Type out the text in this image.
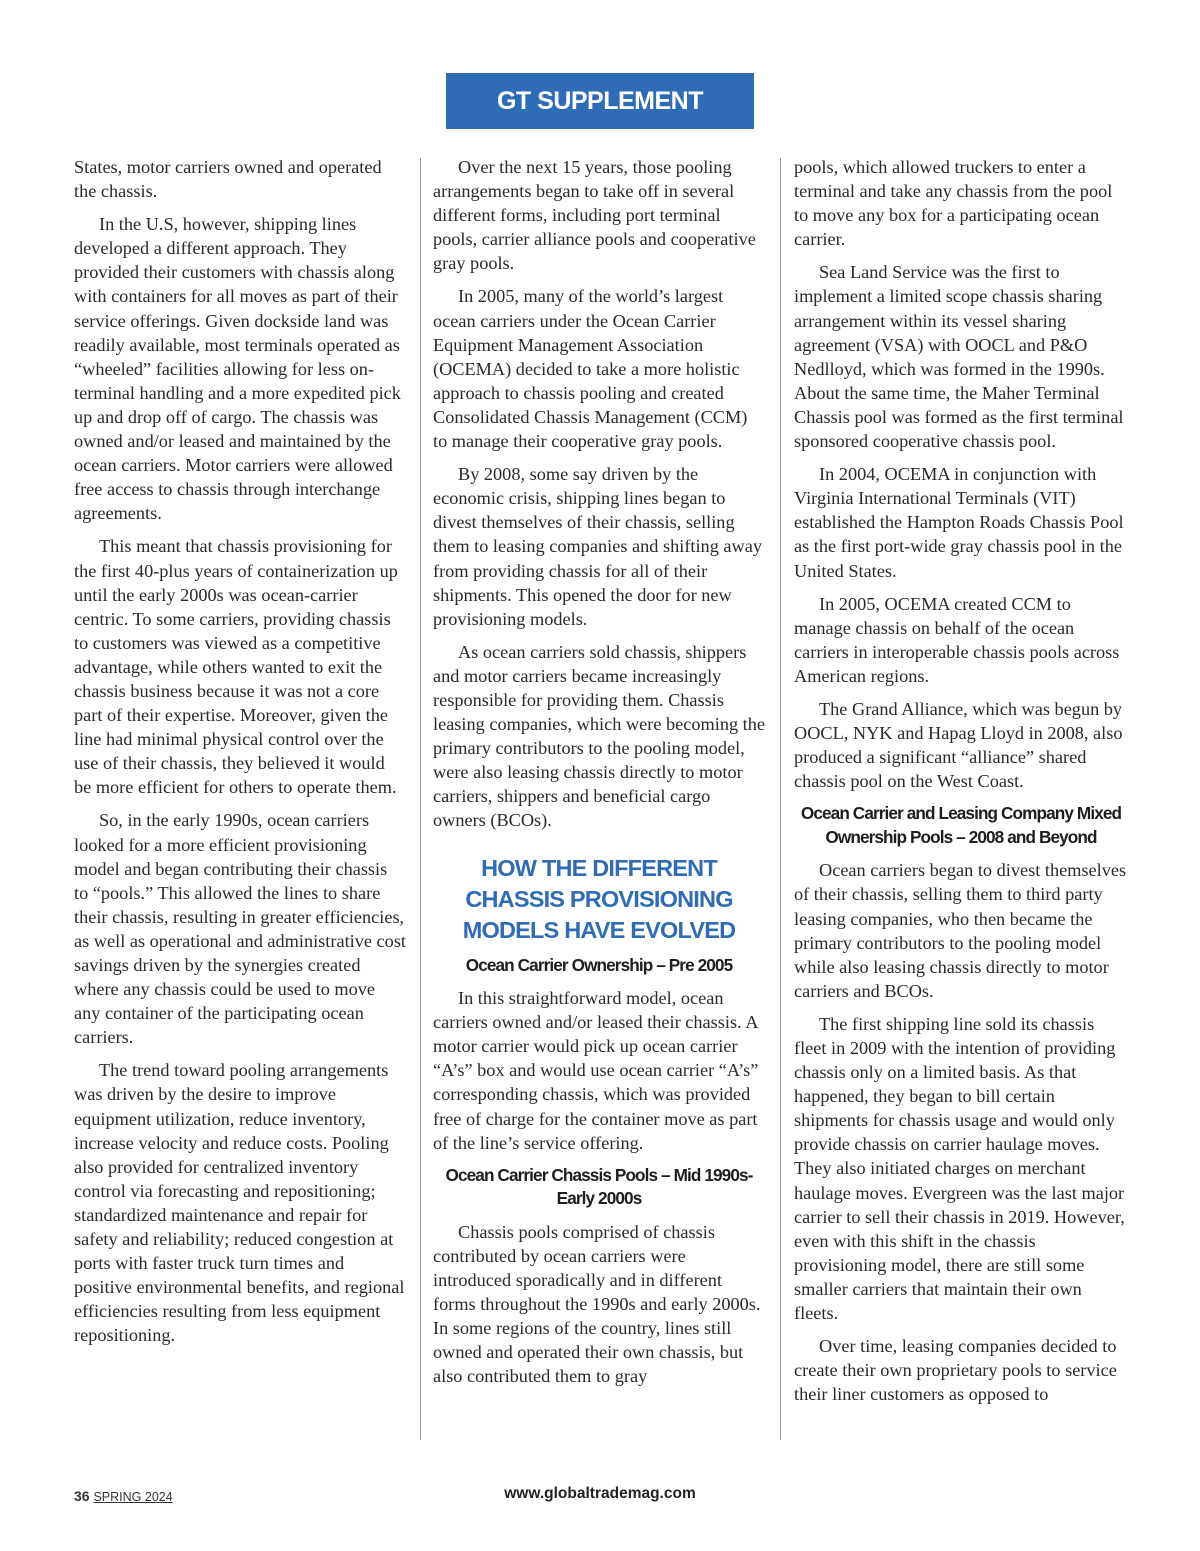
GT SUPPLEMENT

States, motor carriers owned and operated the chassis.

In the U.S, however, shipping lines developed a different approach. They provided their customers with chassis along with containers for all moves as part of their service offerings. Given dockside land was readily available, most terminals operated as “wheeled” facilities allowing for less on-terminal handling and a more expedited pick up and drop off of cargo. The chassis was owned and/or leased and maintained by the ocean carriers. Motor carriers were allowed free access to chassis through interchange agreements.

This meant that chassis provisioning for the first 40-plus years of containerization up until the early 2000s was ocean-carrier centric. To some carriers, providing chassis to customers was viewed as a competitive advantage, while others wanted to exit the chassis business because it was not a core part of their expertise. Moreover, given the line had minimal physical control over the use of their chassis, they believed it would be more efficient for others to operate them.

So, in the early 1990s, ocean carriers looked for a more efficient provisioning model and began contributing their chassis to “pools.” This allowed the lines to share their chassis, resulting in greater efficiencies, as well as operational and administrative cost savings driven by the synergies created where any chassis could be used to move any container of the participating ocean carriers.

The trend toward pooling arrangements was driven by the desire to improve equipment utilization, reduce inventory, increase velocity and reduce costs. Pooling also provided for centralized inventory control via forecasting and repositioning; standardized maintenance and repair for safety and reliability; reduced congestion at ports with faster truck turn times and positive environmental benefits, and regional efficiencies resulting from less equipment repositioning.

Over the next 15 years, those pooling arrangements began to take off in several different forms, including port terminal pools, carrier alliance pools and cooperative gray pools.

In 2005, many of the world’s largest ocean carriers under the Ocean Carrier Equipment Management Association (OCEMA) decided to take a more holistic approach to chassis pooling and created Consolidated Chassis Management (CCM) to manage their cooperative gray pools.

By 2008, some say driven by the economic crisis, shipping lines began to divest themselves of their chassis, selling them to leasing companies and shifting away from providing chassis for all of their shipments. This opened the door for new provisioning models.

As ocean carriers sold chassis, shippers and motor carriers became increasingly responsible for providing them. Chassis leasing companies, which were becoming the primary contributors to the pooling model, were also leasing chassis directly to motor carriers, shippers and beneficial cargo owners (BCOs).

HOW THE DIFFERENT CHASSIS PROVISIONING MODELS HAVE EVOLVED
Ocean Carrier Ownership – Pre 2005

In this straightforward model, ocean carriers owned and/or leased their chassis. A motor carrier would pick up ocean carrier “A’s” box and would use ocean carrier “A’s” corresponding chassis, which was provided free of charge for the container move as part of the line’s service offering.

Ocean Carrier Chassis Pools – Mid 1990s-Early 2000s

Chassis pools comprised of chassis contributed by ocean carriers were introduced sporadically and in different forms throughout the 1990s and early 2000s. In some regions of the country, lines still owned and operated their own chassis, but also contributed them to gray

pools, which allowed truckers to enter a terminal and take any chassis from the pool to move any box for a participating ocean carrier.

Sea Land Service was the first to implement a limited scope chassis sharing arrangement within its vessel sharing agreement (VSA) with OOCL and P&O Nedlloyd, which was formed in the 1990s. About the same time, the Maher Terminal Chassis pool was formed as the first terminal sponsored cooperative chassis pool.

In 2004, OCEMA in conjunction with Virginia International Terminals (VIT) established the Hampton Roads Chassis Pool as the first port-wide gray chassis pool in the United States.

In 2005, OCEMA created CCM to manage chassis on behalf of the ocean carriers in interoperable chassis pools across American regions.

The Grand Alliance, which was begun by OOCL, NYK and Hapag Lloyd in 2008, also produced a significant “alliance” shared chassis pool on the West Coast.

Ocean Carrier and Leasing Company Mixed Ownership Pools – 2008 and Beyond

Ocean carriers began to divest themselves of their chassis, selling them to third party leasing companies, who then became the primary contributors to the pooling model while also leasing chassis directly to motor carriers and BCOs.

The first shipping line sold its chassis fleet in 2009 with the intention of providing chassis only on a limited basis. As that happened, they began to bill certain shipments for chassis usage and would only provide chassis on carrier haulage moves. They also initiated charges on merchant haulage moves. Evergreen was the last major carrier to sell their chassis in 2019. However, even with this shift in the chassis provisioning model, there are still some smaller carriers that maintain their own fleets.

Over time, leasing companies decided to create their own proprietary pools to service their liner customers as opposed to

36 SPRING 2024	www.globaltrademag.com
